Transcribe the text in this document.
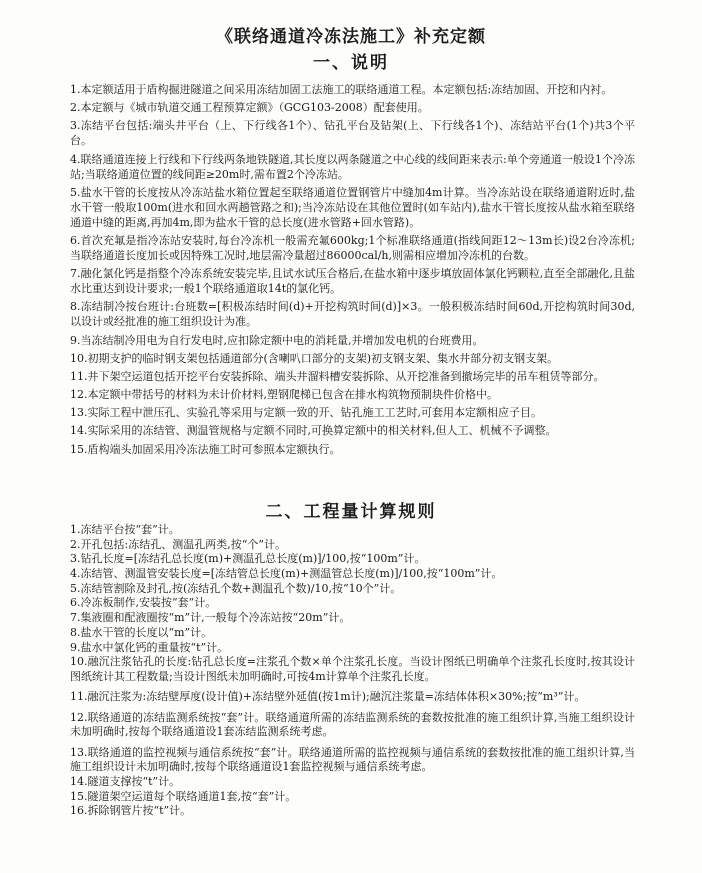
《联络通道冷冻法施工》补充定额
一、说明
1.本定额适用于盾构掘进隧道之间采用冻结加固工法施工的联络通道工程。本定额包括:冻结加固、开挖和内衬。
2.本定额与《城市轨道交通工程预算定额》（GCG103-2008）配套使用。
3.冻结平台包括:端头井平台（上、下行线各1个）、钻孔平台及钻架(上、下行线各1个)、冻结站平台(1个)共3个平台。
4.联络通道连接上行线和下行线两条地铁隧道,其长度以两条隧道之中心线的线间距来表示:单个旁通道一般设1个冷冻站;当联络通道位置的线间距≥20m时,需布置2个冷冻站。
5.盐水干管的长度按从冷冻站盐水箱位置起至联络通道位置钢管片中缝加4m计算。当冷冻站设在联络通道附近时,盐水干管一般取100m(进水和回水两趟管路之和);当冷冻站设在其他位置时(如车站内),盐水干管长度按从盐水箱至联络通道中缝的距离,再加4m,即为盐水干管的总长度(进水管路+回水管路)。
6.首次充氟是指冷冻站安装时,每台冷冻机一般需充氟600kg;1个标准联络通道(指线间距12～13m长)设2台冷冻机;当联络通道长度加长或因特殊工况时,地层需冷量超过86000cal/h,则需相应增加冷冻机的台数。
7.融化氯化钙是指整个冷冻系统安装完毕,且试水试压合格后,在盐水箱中逐步填放固体氯化钙颗粒,直至全部融化,且盐水比重达到设计要求;一般1个联络通道取14t的氯化钙。
8.冻结制冷按台班计:台班数=[积极冻结时间(d)+开挖构筑时间(d)]×3。一般积极冻结时间60d,开挖构筑时间30d,以设计或经批准的施工组织设计为准。
9.当冻结制冷用电为自行发电时,应扣除定额中电的消耗量,并增加发电机的台班费用。
10.初期支护的临时钢支架包括通道部分(含喇叭口部分的支架)初支钢支架、集水井部分初支钢支架。
11.井下架空运道包括开挖平台安装拆除、端头井溜料槽安装拆除、从开挖准备到撤场完毕的吊车租赁等部分。
12.本定额中带括号的材料为未计价材料,塑钢爬梯已包含在排水构筑物预制块件价格中。
13.实际工程中泄压孔、实验孔等采用与定额一致的开、钻孔施工工艺时,可套用本定额相应子目。
14.实际采用的冻结管、测温管规格与定额不同时,可换算定额中的相关材料,但人工、机械不予调整。
15.盾构端头加固采用冷冻法施工时可参照本定额执行。
二、工程量计算规则
1.冻结平台按“套”计。
2.开孔包括:冻结孔、测温孔两类,按“个”计。
3.钻孔长度=[冻结孔总长度(m)+测温孔总长度(m)]/100,按“100m”计。
4.冻结管、测温管安装长度=[冻结管总长度(m)+测温管总长度(m)]/100,按“100m”计。
5.冻结管割除及封孔,按(冻结孔个数+测温孔个数)/10,按“10个”计。
6.冷冻板制作,安装按“套”计。
7.集液圈和配液圈按“m”计,一般每个冷冻站按“20m”计。
8.盐水干管的长度以“m”计。
9.盐水中氯化钙的重量按“t”计。
10.融沉注浆钻孔的长度:钻孔总长度=注浆孔个数×单个注浆孔长度。当设计图纸已明确单个注浆孔长度时,按其设计图纸统计其工程数量;当设计图纸未加明确时,可按4m计算单个注浆孔长度。
11.融沉注浆为:冻结壁厚度(设计值)+冻结壁外延值(按1m计);融沉注浆量=冻结体体积×30%;按“m³”计。
12.联络通道的冻结监测系统按“套”计。联络通道所需的冻结监测系统的套数按批准的施工组织计算,当施工组织设计未加明确时,按每个联络通道设1套冻结监测系统考虑。
13.联络通道的监控视频与通信系统按“套”计。联络通道所需的监控视频与通信系统的套数按批准的施工组织计算,当施工组织设计未加明确时,按每个联络通道设1套监控视频与通信系统考虑。
14.隧道支撑按“t”计。
15.隧道架空运道每个联络通道1套,按“套”计。
16.拆除钢管片按“t”计。
